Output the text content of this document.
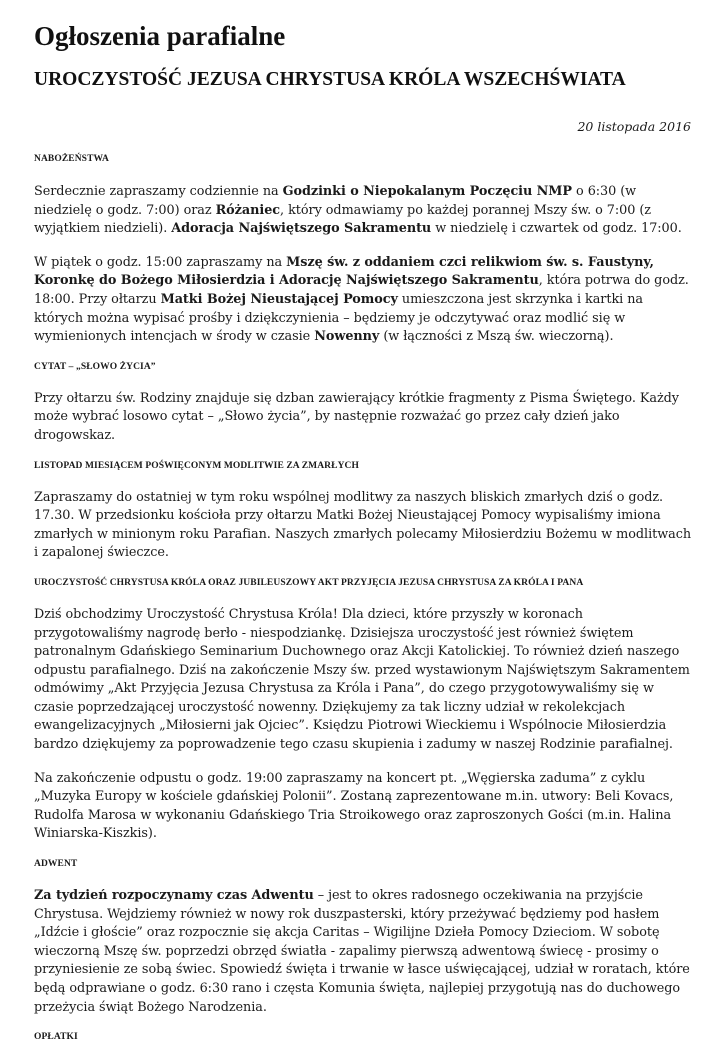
Ogłoszenia parafialne
UROCZYSTOŚĆ JEZUSA CHRYSTUSA KRÓLA WSZECHŚWIATA
20 listopada 2016
NABOŻEŃSTWA

Serdecznie zapraszamy codziennie na Godzinki o Niepokalanym Poczęciu NMP o 6:30 (w niedzielę o godz. 7:00) oraz Różaniec, który odmawiamy po każdej porannej Mszy św. o 7:00 (z wyjątkiem niedzieli). Adoracja Najświętszego Sakramentu w niedzielę i czwartek od godz. 17:00.

W piątek o godz. 15:00 zapraszamy na Mszę św. z oddaniem czci relikwiom św. s. Faustyny, Koronkę do Bożego Miłosierdzia i Adorację Najświętszego Sakramentu, która potrwa do godz. 18:00. Przy ołtarzu Matki Bożej Nieustającej Pomocy umieszczona jest skrzynka i kartki na których można wypisać prośby i dziękczynienia – będziemy je odczytywać oraz modlić się w wymienionych intencjach w środy w czasie Nowenny (w łączności z Mszą św. wieczorną).

CYTAT – „SŁOWO ŻYCIA”

Przy ołtarzu św. Rodziny znajduje się dzban zawierający krótkie fragmenty z Pisma Świętego. Każdy może wybrać losowo cytat – „Słowo życia”, by następnie rozważać go przez cały dzień jako drogowskaz.

LISTOPAD MIESIĄCEM POŚWIĘCONYM MODLITWIE ZA ZMARŁYCH

Zapraszamy do ostatniej w tym roku wspólnej modlitwy za naszych bliskich zmarłych dziś o godz. 17.30. W przedsionku kościoła przy ołtarzu Matki Bożej Nieustającej Pomocy wypisaliśmy imiona zmarłych w minionym roku Parafian. Naszych zmarłych polecamy Miłosierdziu Bożemu w modlitwach i zapalonej świeczce.

UROCZYSTOŚĆ CHRYSTUSA KRÓLA ORAZ JUBILEUSZOWY AKT PRZYJĘCIA JEZUSA CHRYSTUSA ZA KRÓLA I PANA

Dziś obchodzimy Uroczystość Chrystusa Króla! Dla dzieci, które przyszły w koronach przygotowaliśmy nagrodę berło - niespodziankę. Dzisiejsza uroczystość jest również świętem patronalnym Gdańskiego Seminarium Duchownego oraz Akcji Katolickiej. To również dzień naszego odpustu parafialnego. Dziś na zakończenie Mszy św. przed wystawionym Najświętszym Sakramentem odmówimy „Akt Przyjęcia Jezusa Chrystusa za Króla i Pana”, do czego przygotowywaliśmy się w czasie poprzedzającej uroczystość nowenny. Dziękujemy za tak liczny udział w rekolekcjach ewangelizacyjnych „Miłosierni jak Ojciec”. Księdzu Piotrowi Wieckiemu i Wspólnocie Miłosierdzia bardzo dziękujemy za poprowadzenie tego czasu skupienia i zadumy w naszej Rodzinie parafialnej.

Na zakończenie odpustu o godz. 19:00 zapraszamy na koncert pt. „Węgierska zaduma” z cyklu „Muzyka Europy w kościele gdańskiej Polonii”. Zostaną zaprezentowane m.in. utwory: Beli Kovacs, Rudolfa Marosa w wykonaniu Gdańskiego Tria Stroikowego oraz zaproszonych Gości (m.in. Halina Winiarska-Kiszkis).

ADWENT

Za tydzień rozpoczynamy czas Adwentu – jest to okres radosnego oczekiwania na przyjście Chrystusa. Wejdziemy również w nowy rok duszpasterski, który przeżywać będziemy pod hasłem „Idźcie i głoście” oraz rozpocznie się akcja Caritas – Wigilijne Dzieła Pomocy Dzieciom. W sobotę wieczorną Mszę św. poprzedzi obrzęd światła - zapalimy pierwszą adwentową świecę - prosimy o przyniesienie ze sobą świec. Spowiedź święta i trwanie w łasce uświęcającej, udział w roratach, które będą odprawiane o godz. 6:30 rano i częsta Komunia święta, najlepiej przygotują nas do duchowego przeżycia świąt Bożego Narodzenia.

OPŁATKI
